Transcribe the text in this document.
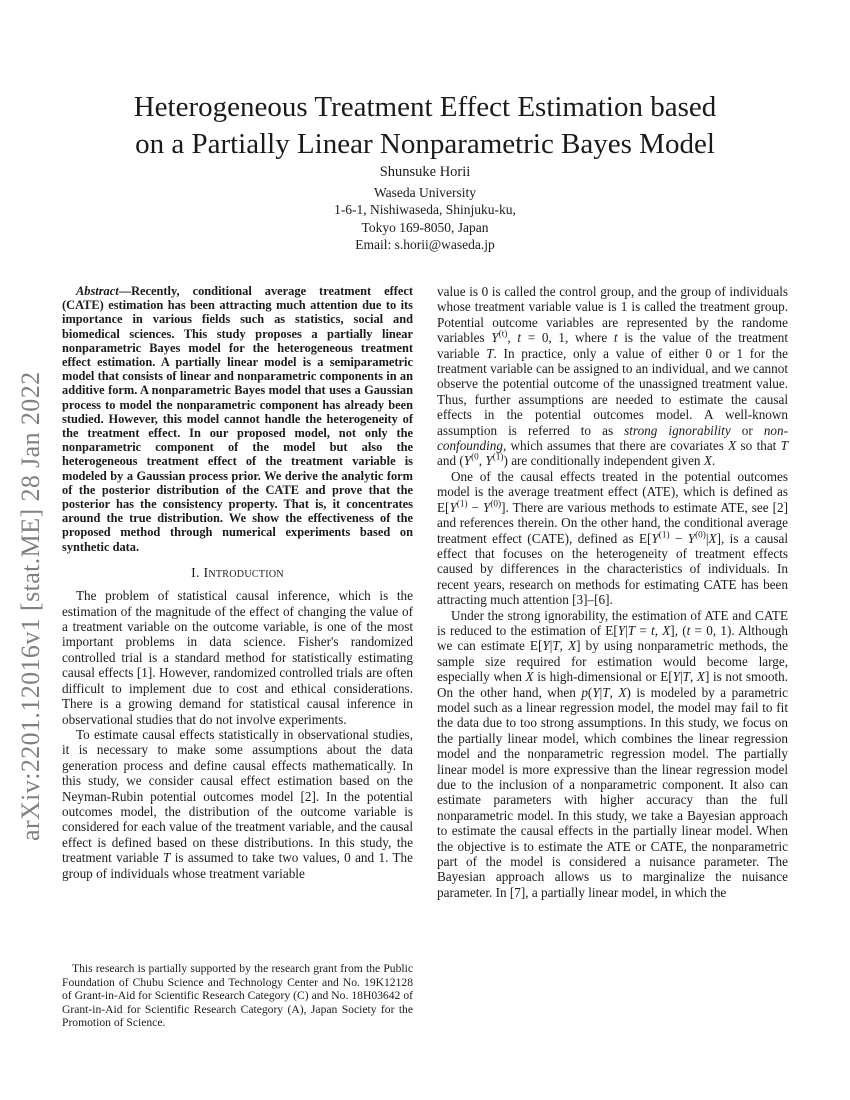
arXiv:2201.12016v1 [stat.ME] 28 Jan 2022
Heterogeneous Treatment Effect Estimation based
on a Partially Linear Nonparametric Bayes Model
Shunsuke Horii
Waseda University
1-6-1, Nishiwaseda, Shinjuku-ku,
Tokyo 169-8050, Japan
Email: s.horii@waseda.jp

Abstract—Recently, conditional average treatment effect (CATE) estimation has been attracting much attention due to its importance in various fields such as statistics, social and biomedical sciences. This study proposes a partially linear nonparametric Bayes model for the heterogeneous treatment effect estimation. A partially linear model is a semiparametric model that consists of linear and nonparametric components in an additive form. A nonparametric Bayes model that uses a Gaussian process to model the nonparametric component has already been studied. However, this model cannot handle the heterogeneity of the treatment effect. In our proposed model, not only the nonparametric component of the model but also the heterogeneous treatment effect of the treatment variable is modeled by a Gaussian process prior. We derive the analytic form of the posterior distribution of the CATE and prove that the posterior has the consistency property. That is, it concentrates around the true distribution. We show the effectiveness of the proposed method through numerical experiments based on synthetic data.

I. Introduction

The problem of statistical causal inference, which is the estimation of the magnitude of the effect of changing the value of a treatment variable on the outcome variable, is one of the most important problems in data science. Fisher's randomized controlled trial is a standard method for statistically estimating causal effects [1]. However, randomized controlled trials are often difficult to implement due to cost and ethical considerations. There is a growing demand for statistical causal inference in observational studies that do not involve experiments.

To estimate causal effects statistically in observational studies, it is necessary to make some assumptions about the data generation process and define causal effects mathematically. In this study, we consider causal effect estimation based on the Neyman-Rubin potential outcomes model [2]. In the potential outcomes model, the distribution of the outcome variable is considered for each value of the treatment variable, and the causal effect is defined based on these distributions. In this study, the treatment variable T is assumed to take two values, 0 and 1. The group of individuals whose treatment variable

This research is partially supported by the research grant from the Public Foundation of Chubu Science and Technology Center and No. 19K12128 of Grant-in-Aid for Scientific Research Category (C) and No. 18H03642 of Grant-in-Aid for Scientific Research Category (A), Japan Society for the Promotion of Science.

value is 0 is called the control group, and the group of individuals whose treatment variable value is 1 is called the treatment group. Potential outcome variables are represented by the randome variables $Y^{(t)}$, t = 0, 1, where t is the value of the treatment variable T. In practice, only a value of either 0 or 1 for the treatment variable can be assigned to an individual, and we cannot observe the potential outcome of the unassigned treatment value. Thus, further assumptions are needed to estimate the causal effects in the potential outcomes model. A well-known assumption is referred to as strong ignorability or non-confounding, which assumes that there are covariates X so that T and ($Y^{(0}$, $Y^{(1)}$) are conditionally independent given X.

One of the causal effects treated in the potential outcomes model is the average treatment effect (ATE), which is defined as $E[Y^{(1)} - Y^{(0)}]$. There are various methods to estimate ATE, see [2] and references therein. On the other hand, the conditional average treatment effect (CATE), defined as $E[Y^{(1)} - Y^{(0)}|X]$, is a causal effect that focuses on the heterogeneity of treatment effects caused by differences in the characteristics of individuals. In recent years, research on methods for estimating CATE has been attracting much attention [3]–[6].

Under the strong ignorability, the estimation of ATE and CATE is reduced to the estimation of E[Y|T = t, X], (t = 0, 1). Although we can estimate E[Y|T, X] by using nonparametric methods, the sample size required for estimation would become large, especially when X is high-dimensional or E[Y|T, X] is not smooth. On the other hand, when p(Y|T, X) is modeled by a parametric model such as a linear regression model, the model may fail to fit the data due to too strong assumptions. In this study, we focus on the partially linear model, which combines the linear regression model and the nonparametric regression model. The partially linear model is more expressive than the linear regression model due to the inclusion of a nonparametric component. It also can estimate parameters with higher accuracy than the full nonparametric model. In this study, we take a Bayesian approach to estimate the causal effects in the partially linear model. When the objective is to estimate the ATE or CATE, the nonparametric part of the model is considered a nuisance parameter. The Bayesian approach allows us to marginalize the nuisance parameter. In [7], a partially linear model, in which the
